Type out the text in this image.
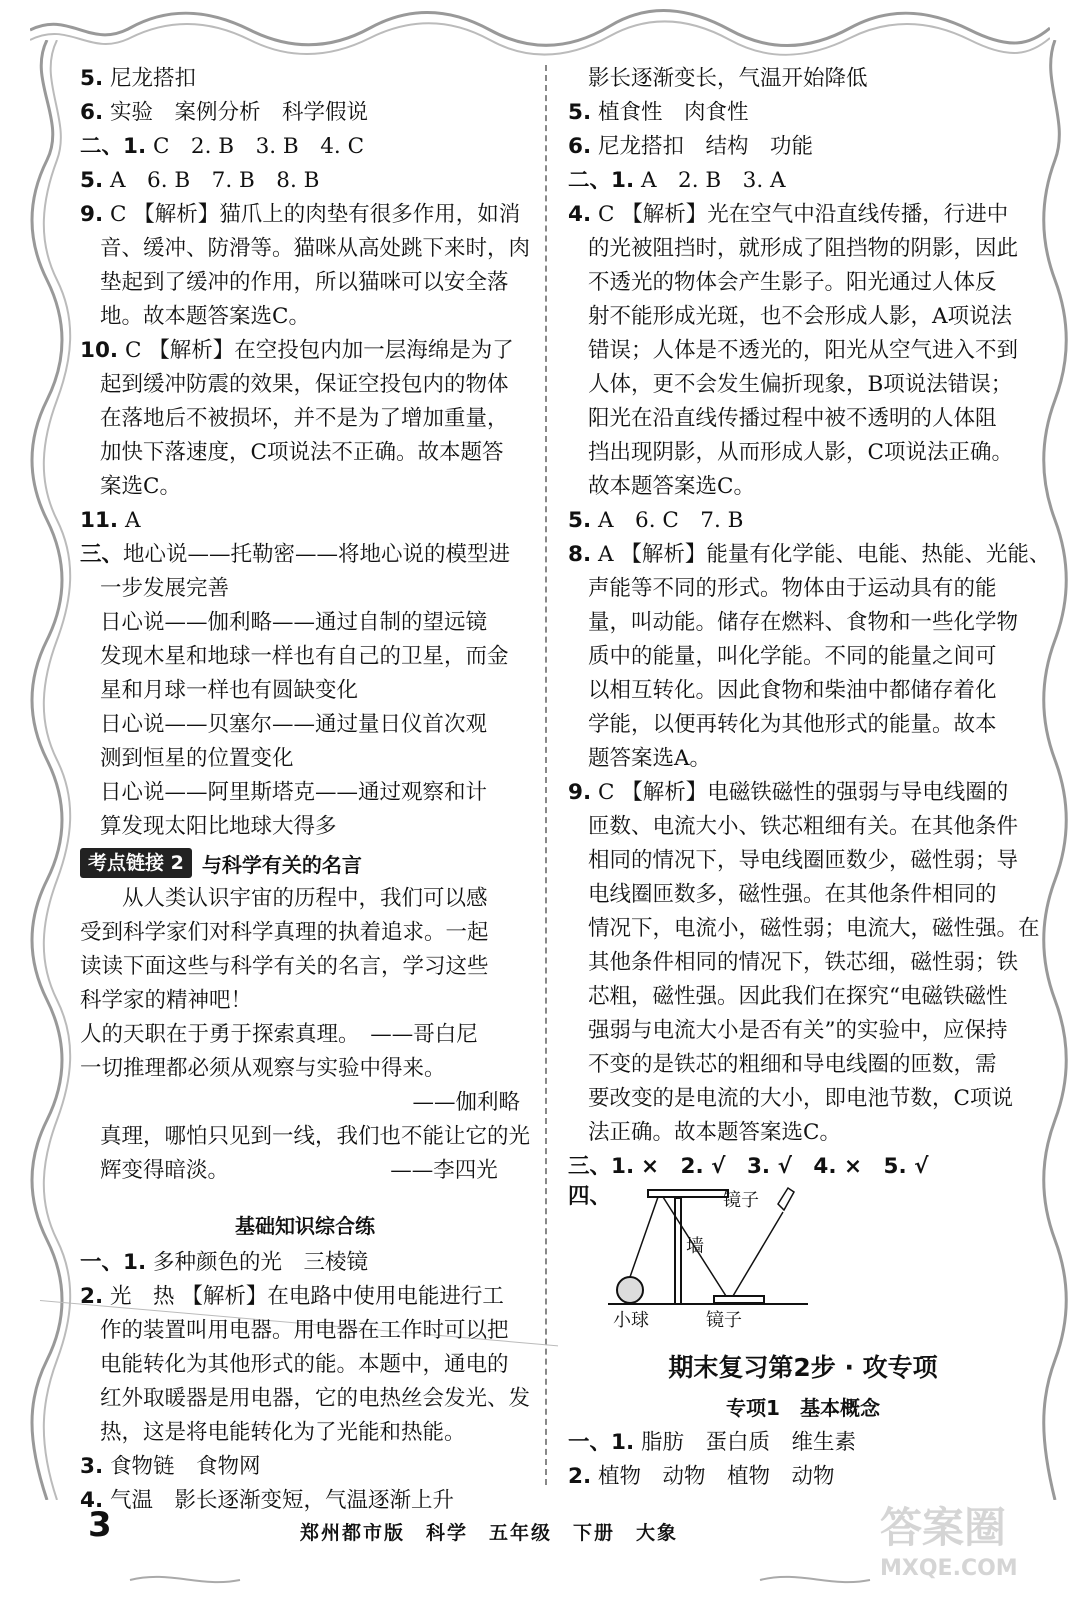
5. 尼龙搭扣
6. 实验　案例分析　科学假说
二、1. C　2. B　3. B　4. C
5. A　6. B　7. B　8. B
9. C 【解析】猫爪上的肉垫有很多作用，如消
音、缓冲、防滑等。猫咪从高处跳下来时，肉
垫起到了缓冲的作用，所以猫咪可以安全落
地。故本题答案选C。
10. C 【解析】在空投包内加一层海绵是为了
起到缓冲防震的效果，保证空投包内的物体
在落地后不被损坏，并不是为了增加重量，
加快下落速度，C项说法不正确。故本题答
案选C。
11. A
三、地心说——托勒密——将地心说的模型进
一步发展完善
日心说——伽利略——通过自制的望远镜
发现木星和地球一样也有自己的卫星，而金
星和月球一样也有圆缺变化
日心说——贝塞尔——通过量日仪首次观
测到恒星的位置变化
日心说——阿里斯塔克——通过观察和计
算发现太阳比地球大得多
考点链接 2 与科学有关的名言
从人类认识宇宙的历程中，我们可以感
受到科学家们对科学真理的执着追求。一起
读读下面这些与科学有关的名言，学习这些
科学家的精神吧！
人的天职在于勇于探索真理。　——哥白尼
一切推理都必须从观察与实验中得来。
——伽利略
真理，哪怕只见到一线，我们也不能让它的光
辉变得暗淡。　　　　　　　　——李四光
基础知识综合练
一、1. 多种颜色的光　三棱镜
2. 光　热 【解析】在电路中使用电能进行工
作的装置叫用电器。用电器在工作时可以把
电能转化为其他形式的能。本题中，通电的
红外取暖器是用电器，它的电热丝会发光、发
热，这是将电能转化为了光能和热能。
3. 食物链　食物网
4. 气温　影长逐渐变短，气温逐渐上升
影长逐渐变长，气温开始降低
5. 植食性　肉食性
6. 尼龙搭扣　结构　功能
二、1. A　2. B　3. A
4. C 【解析】光在空气中沿直线传播，行进中
的光被阻挡时，就形成了阻挡物的阴影，因此
不透光的物体会产生影子。阳光通过人体反
射不能形成光斑，也不会形成人影，A项说法
错误；人体是不透光的，阳光从空气进入不到
人体，更不会发生偏折现象，B项说法错误；
阳光在沿直线传播过程中被不透明的人体阻
挡出现阴影，从而形成人影，C项说法正确。
故本题答案选C。
5. A　6. C　7. B
8. A 【解析】能量有化学能、电能、热能、光能、
声能等不同的形式。物体由于运动具有的能
量，叫动能。储存在燃料、食物和一些化学物
质中的能量，叫化学能。不同的能量之间可
以相互转化。因此食物和柴油中都储存着化
学能，以便再转化为其他形式的能量。故本
题答案选A。
9. C 【解析】电磁铁磁性的强弱与导电线圈的
匝数、电流大小、铁芯粗细有关。在其他条件
相同的情况下，导电线圈匝数少，磁性弱；导
电线圈匝数多，磁性强。在其他条件相同的
情况下，电流小，磁性弱；电流大，磁性强。在
其他条件相同的情况下，铁芯细，磁性弱；铁
芯粗，磁性强。因此我们在探究“电磁铁磁性
强弱与电流大小是否有关”的实验中，应保持
不变的是铁芯的粗细和导电线圈的匝数，需
要改变的是电流的大小，即电池节数，C项说
法正确。故本题答案选C。
三、1. ×　2. √　3. √　4. ×　5. √
四、	镜子
墙
小球	镜子
期末复习第2步 · 攻专项
专项1　基本概念
一、1. 脂肪　蛋白质　维生素
2. 植物　动物　植物　动物
3	郑州都市版　科学　五年级　下册　大象	答案圈
MXQE.COM
